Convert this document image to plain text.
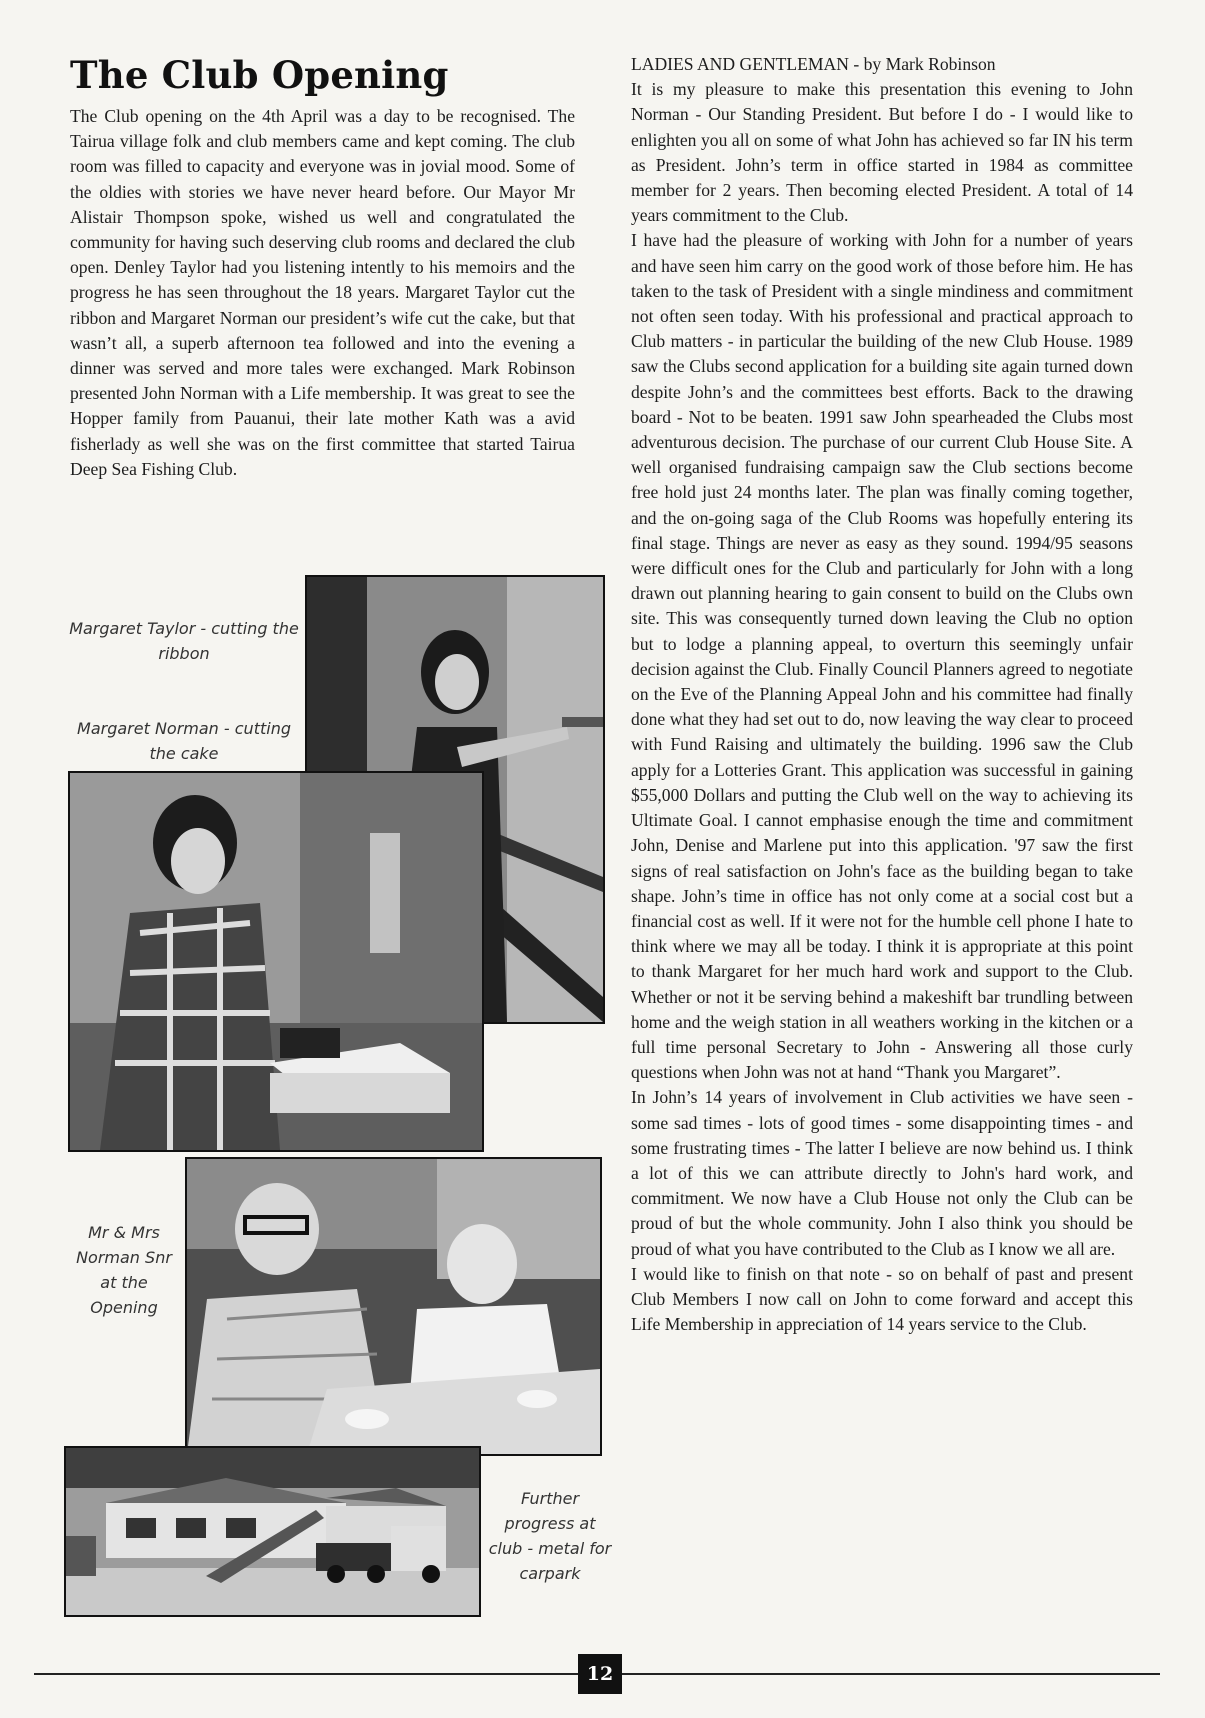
The Club Opening

The Club opening on the 4th April was a day to be recognised. The Tairua village folk and club members came and kept coming. The club room was filled to capacity and everyone was in jovial mood. Some of the oldies with stories we have never heard before. Our Mayor Mr Alistair Thompson spoke, wished us well and congratulated the community for having such deserving club rooms and declared the club open. Denley Taylor had you listening intently to his memoirs and the progress he has seen throughout the 18 years. Margaret Taylor cut the ribbon and Margaret Norman our president’s wife cut the cake, but that wasn’t all, a superb afternoon tea followed and into the evening a dinner was served and more tales were exchanged. Mark Robinson presented John Norman with a Life membership. It was great to see the Hopper family from Pauanui, their late mother Kath was a avid fisherlady as well she was on the first committee that started Tairua Deep Sea Fishing Club.

Margaret Taylor - cutting the ribbon
Margaret Norman - cutting the cake
Mr & Mrs Norman Snr at the Opening
Further progress at club - metal for carpark

LADIES AND GENTLEMAN - by Mark Robinson

It is my pleasure to make this presentation this evening to John Norman - Our Standing President. But before I do - I would like to enlighten you all on some of what John has achieved so far IN his term as President. John’s term in office started in 1984 as committee member for 2 years. Then becoming elected President. A total of 14 years commitment to the Club.

I have had the pleasure of working with John for a number of years and have seen him carry on the good work of those before him. He has taken to the task of President with a single mindiness and commitment not often seen today. With his professional and practical approach to Club matters - in particular the building of the new Club House. 1989 saw the Clubs second application for a building site again turned down despite John’s and the committees best efforts. Back to the drawing board - Not to be beaten. 1991 saw John spearheaded the Clubs most adventurous decision. The purchase of our current Club House Site. A well organised fundraising campaign saw the Club sections become free hold just 24 months later. The plan was finally coming together, and the on-going saga of the Club Rooms was hopefully entering its final stage. Things are never as easy as they sound. 1994/95 seasons were difficult ones for the Club and particularly for John with a long drawn out planning hearing to gain consent to build on the Clubs own site. This was consequently turned down leaving the Club no option but to lodge a planning appeal, to overturn this seemingly unfair decision against the Club. Finally Council Planners agreed to negotiate on the Eve of the Planning Appeal John and his committee had finally done what they had set out to do, now leaving the way clear to proceed with Fund Raising and ultimately the building. 1996 saw the Club apply for a Lotteries Grant. This application was successful in gaining $55,000 Dollars and putting the Club well on the way to achieving its Ultimate Goal. I cannot emphasise enough the time and commitment John, Denise and Marlene put into this application. '97 saw the first signs of real satisfaction on John's face as the building began to take shape. John’s time in office has not only come at a social cost but a financial cost as well. If it were not for the humble cell phone I hate to think where we may all be today. I think it is appropriate at this point to thank Margaret for her much hard work and support to the Club. Whether or not it be serving behind a makeshift bar trundling between home and the weigh station in all weathers working in the kitchen or a full time personal Secretary to John - Answering all those curly questions when John was not at hand “Thank you Margaret”.

In John’s 14 years of involvement in Club activities we have seen - some sad times - lots of good times - some disappointing times - and some frustrating times - The latter I believe are now behind us. I think a lot of this we can attribute directly to John's hard work, and commitment. We now have a Club House not only the Club can be proud of but the whole community. John I also think you should be proud of what you have contributed to the Club as I know we all are.

I would like to finish on that note - so on behalf of past and present Club Members I now call on John to come forward and accept this Life Membership in appreciation of 14 years service to the Club.

12
